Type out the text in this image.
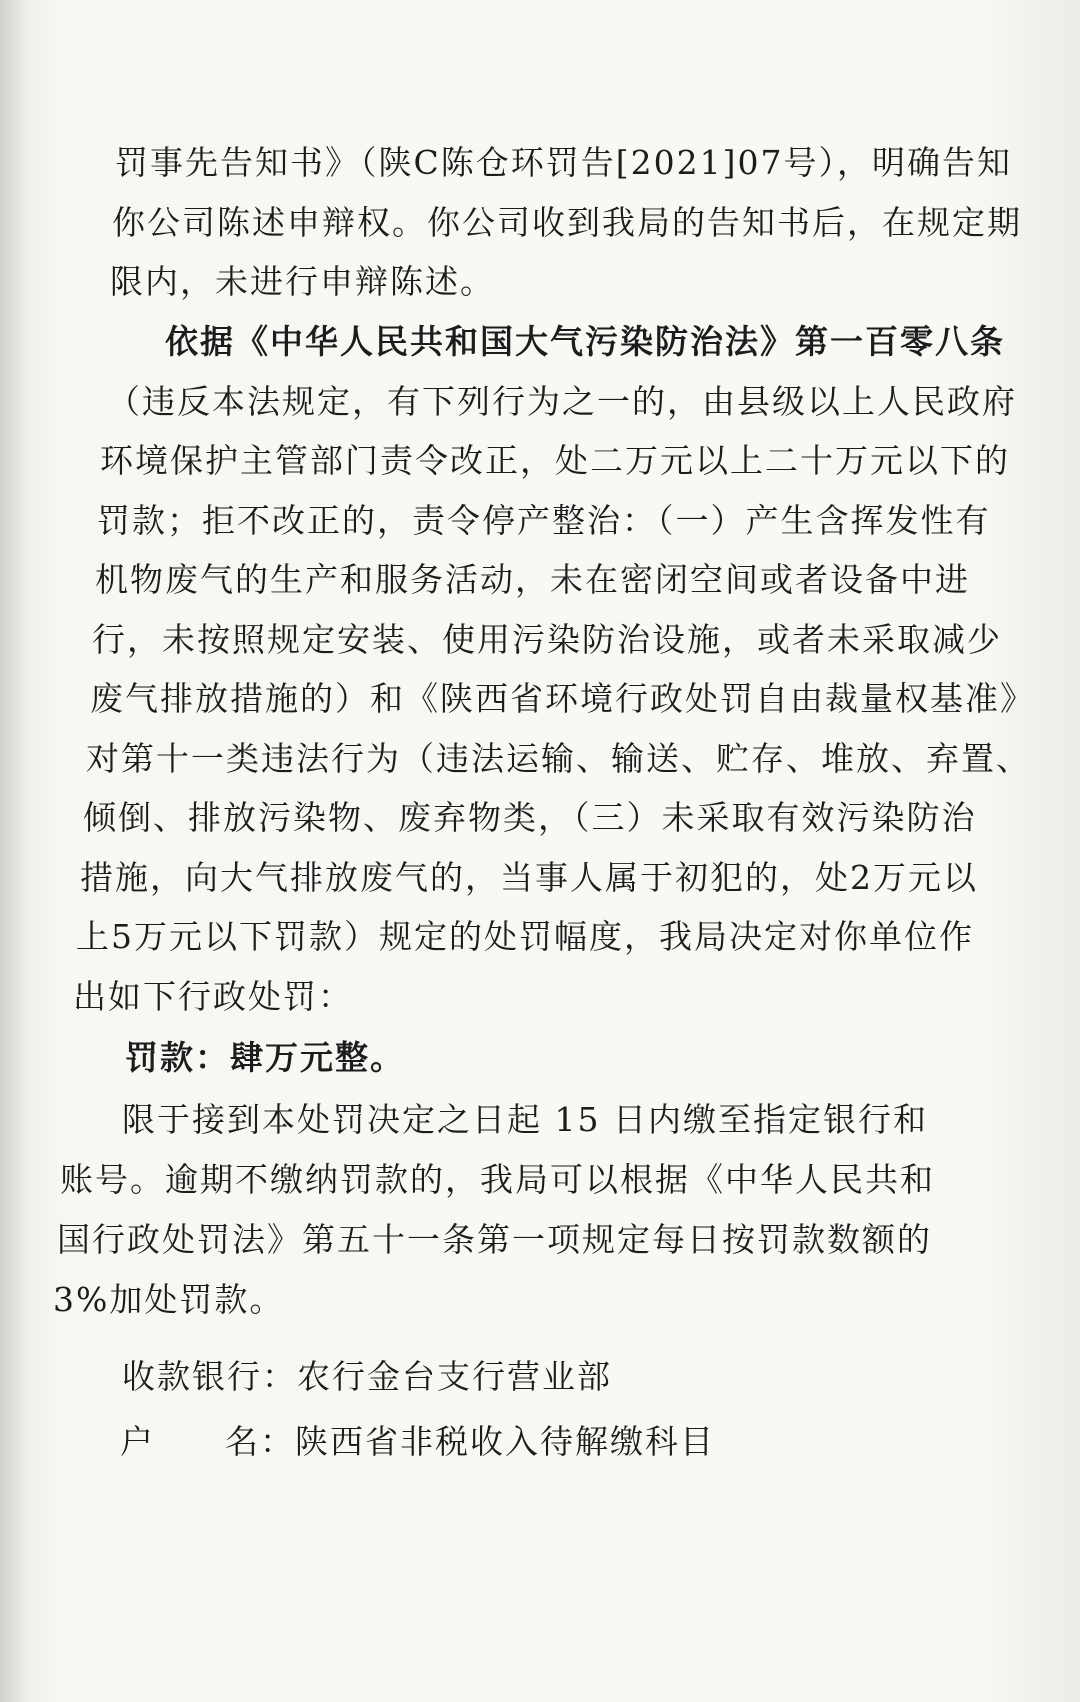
罚事先告知书》（陕C陈仓环罚告[2021]07号），明确告知
你公司陈述申辩权。你公司收到我局的告知书后，在规定期
限内，未进行申辩陈述。
依据《中华人民共和国大气污染防治法》第一百零八条
（违反本法规定，有下列行为之一的，由县级以上人民政府
环境保护主管部门责令改正，处二万元以上二十万元以下的
罚款；拒不改正的，责令停产整治：（一）产生含挥发性有
机物废气的生产和服务活动，未在密闭空间或者设备中进
行，未按照规定安装、使用污染防治设施，或者未采取减少
废气排放措施的）和《陕西省环境行政处罚自由裁量权基准》
对第十一类违法行为（违法运输、输送、贮存、堆放、弃置、
倾倒、排放污染物、废弃物类，（三）未采取有效污染防治
措施，向大气排放废气的，当事人属于初犯的，处2万元以
上5万元以下罚款）规定的处罚幅度，我局决定对你单位作
出如下行政处罚：
罚款：肆万元整。
限于接到本处罚决定之日起 15 日内缴至指定银行和
账号。逾期不缴纳罚款的，我局可以根据《中华人民共和
国行政处罚法》第五十一条第一项规定每日按罚款数额的
3%加处罚款。
收款银行：农行金台支行营业部
户　　名：陕西省非税收入待解缴科目
